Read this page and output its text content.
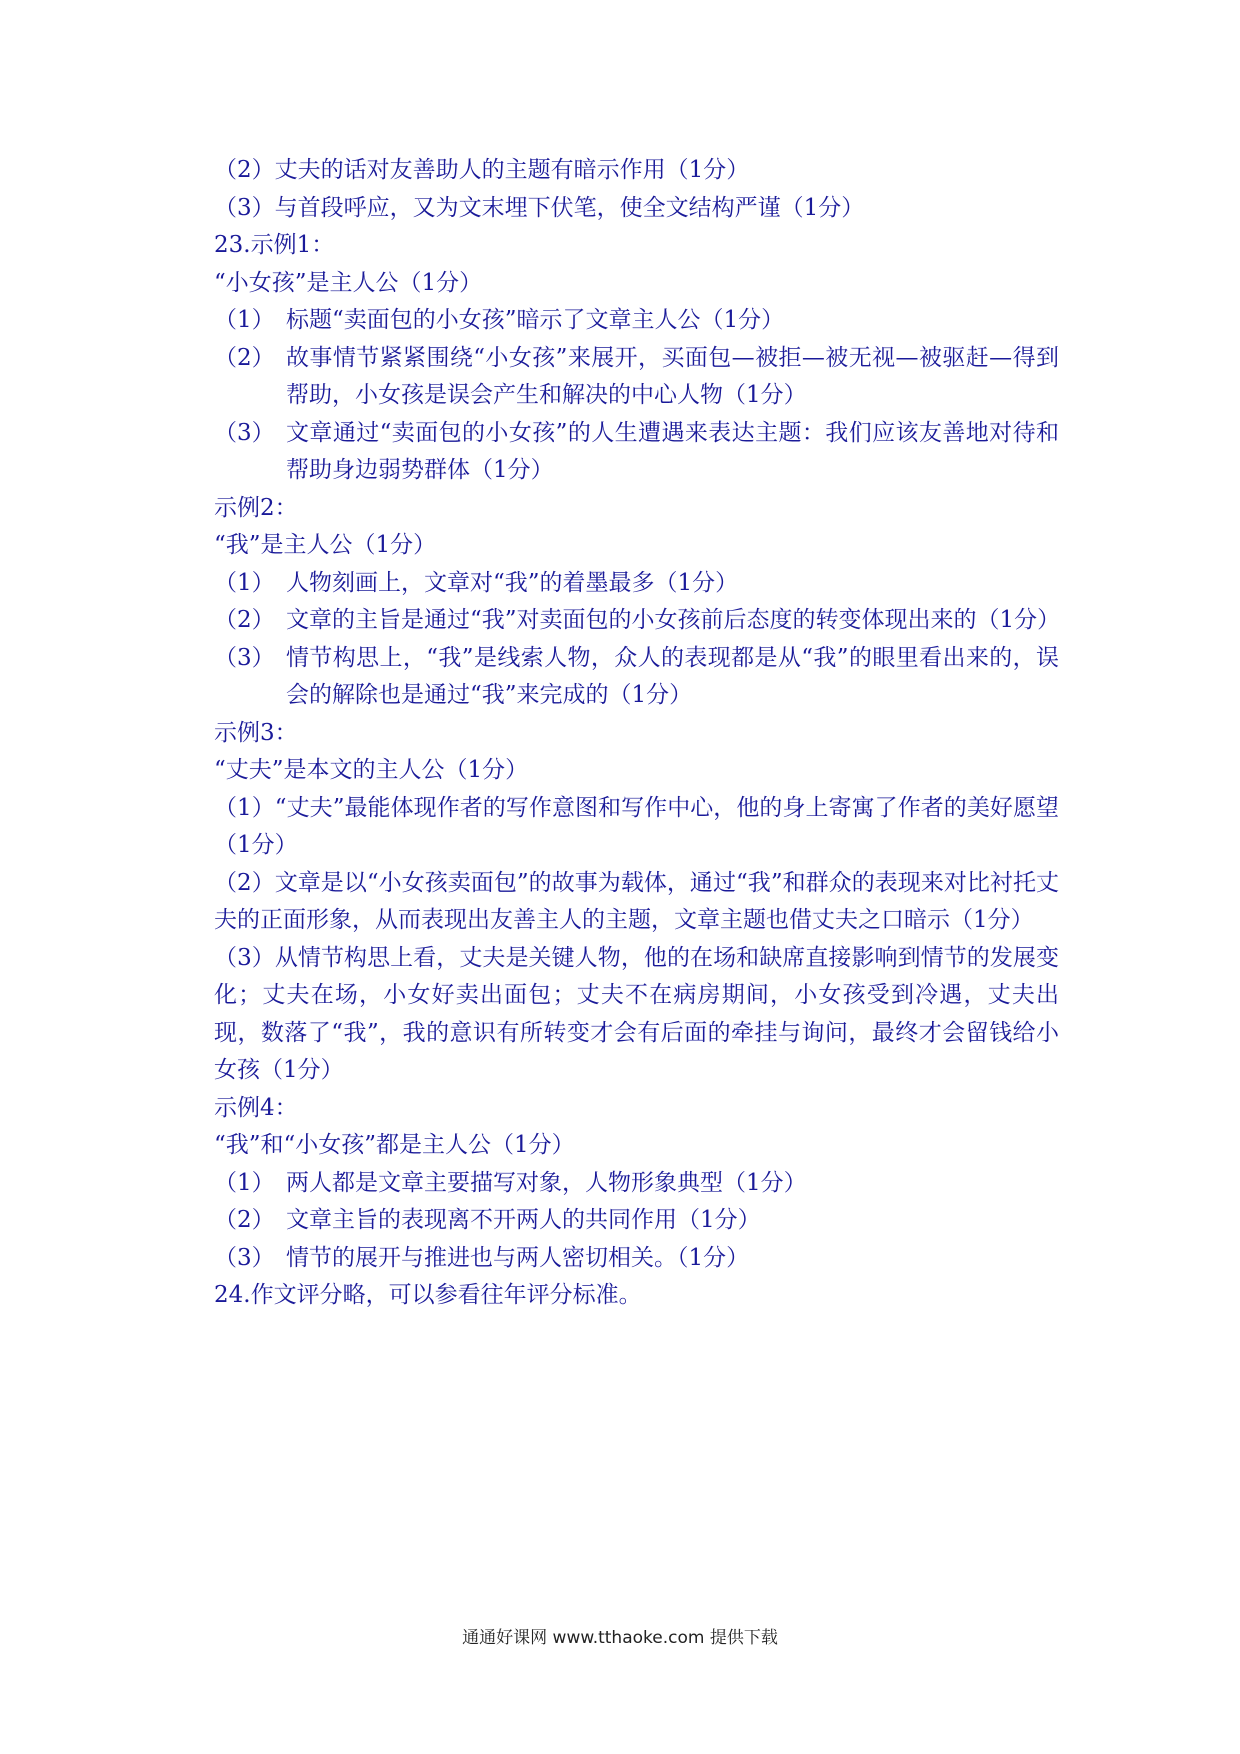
（2）丈夫的话对友善助人的主题有暗示作用（1分）

（3）与首段呼应，又为文末埋下伏笔，使全文结构严谨（1分）

23.示例1：

“小女孩”是主人公（1分）

（1） 标题“卖面包的小女孩”暗示了文章主人公（1分）
（2） 故事情节紧紧围绕“小女孩”来展开，买面包—被拒—被无视—被驱赶—得到帮助，小女孩是误会产生和解决的中心人物（1分）
（3） 文章通过“卖面包的小女孩”的人生遭遇来表达主题：我们应该友善地对待和帮助身边弱势群体（1分）

示例2：

“我”是主人公（1分）

（1） 人物刻画上，文章对“我”的着墨最多（1分）
（2） 文章的主旨是通过“我”对卖面包的小女孩前后态度的转变体现出来的（1分）
（3） 情节构思上，“我”是线索人物，众人的表现都是从“我”的眼里看出来的，误会的解除也是通过“我”来完成的（1分）

示例3：

“丈夫”是本文的主人公（1分）

（1）“丈夫”最能体现作者的写作意图和写作中心，他的身上寄寓了作者的美好愿望（1分）

（2）文章是以“小女孩卖面包”的故事为载体，通过“我”和群众的表现来对比衬托丈夫的正面形象，从而表现出友善主人的主题，文章主题也借丈夫之口暗示（1分）

（3）从情节构思上看，丈夫是关键人物，他的在场和缺席直接影响到情节的发展变化；丈夫在场，小女好卖出面包；丈夫不在病房期间，小女孩受到冷遇，丈夫出现，数落了“我”，我的意识有所转变才会有后面的牵挂与询问，最终才会留钱给小女孩（1分）

示例4：

“我”和“小女孩”都是主人公（1分）

（1） 两人都是文章主要描写对象，人物形象典型（1分）
（2） 文章主旨的表现离不开两人的共同作用（1分）
（3） 情节的展开与推进也与两人密切相关。（1分）

24.作文评分略，可以参看往年评分标准。

通通好课网 www.tthaoke.com 提供下载
